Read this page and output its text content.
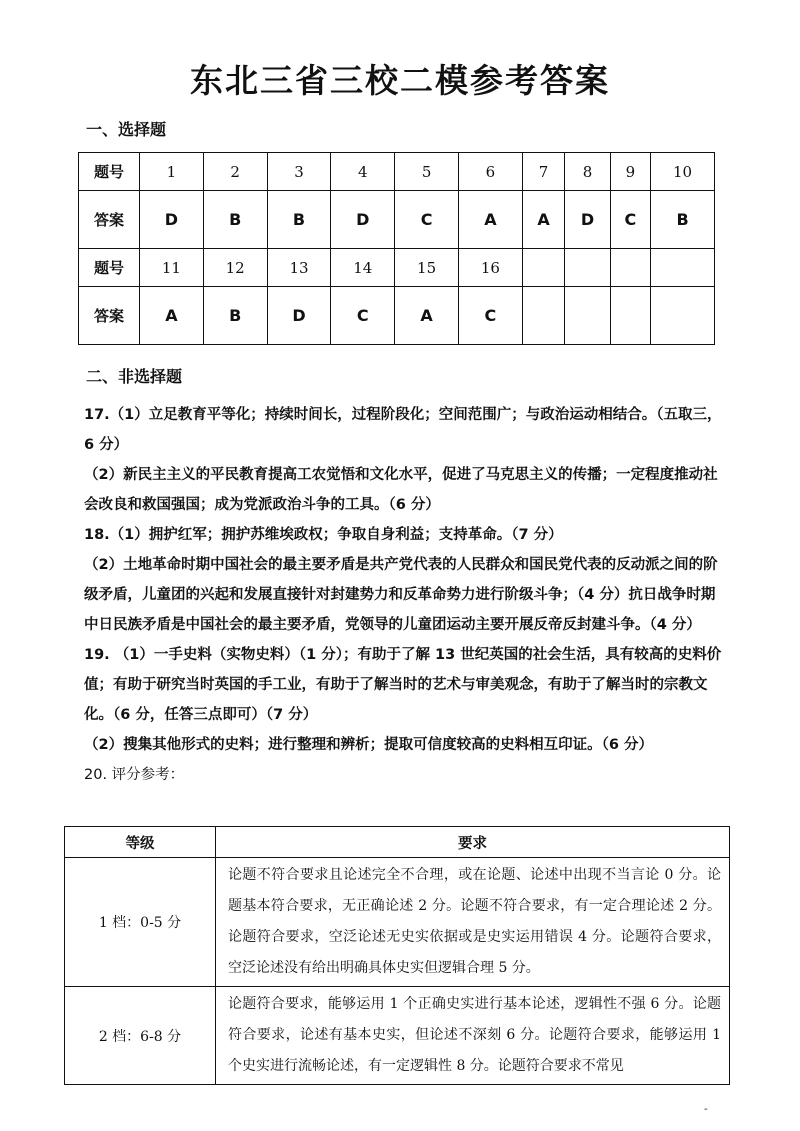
东北三省三校二模参考答案
一、选择题
题号	1	2	3	4	5	6	7	8	9	10
答案	D	B	B	D	C	A	A	D	C	B
题号	11	12	13	14	15	16				
答案	A	B	D	C	A	C				
二、非选择题

17.（1）立足教育平等化；持续时间长，过程阶段化；空间范围广；与政治运动相结合。（五取三，6 分）

（2）新民主主义的平民教育提高工农觉悟和文化水平，促进了马克思主义的传播；一定程度推动社会改良和救国强国；成为党派政治斗争的工具。（6 分）

18.（1）拥护红军；拥护苏维埃政权；争取自身利益；支持革命。（7 分）

（2）土地革命时期中国社会的最主要矛盾是共产党代表的人民群众和国民党代表的反动派之间的阶级矛盾，儿童团的兴起和发展直接针对封建势力和反革命势力进行阶级斗争；（4 分）抗日战争时期中日民族矛盾是中国社会的最主要矛盾，党领导的儿童团运动主要开展反帝反封建斗争。（4 分）

19. （1）一手史料（实物史料）（1 分）；有助于了解 13 世纪英国的社会生活，具有较高的史料价值；有助于研究当时英国的手工业，有助于了解当时的艺术与审美观念，有助于了解当时的宗教文化。（6 分，任答三点即可）（7 分）

（2）搜集其他形式的史料；进行整理和辨析；提取可信度较高的史料相互印证。（6 分）

20. 评分参考：

等级	要求
1 档：0-5 分	论题不符合要求且论述完全不合理，或在论题、论述中出现不当言论 0 分。论题基本符合要求，无正确论述 2 分。论题不符合要求，有一定合理论述 2 分。论题符合要求，空泛论述无史实依据或是史实运用错误 4 分。论题符合要求，空泛论述没有给出明确具体史实但逻辑合理 5 分。
2 档：6-8 分	论题符合要求，能够运用 1 个正确史实进行基本论述，逻辑性不强 6 分。论题符合要求，论述有基本史实，但论述不深刻 6 分。论题符合要求，能够运用 1 个史实进行流畅论述，有一定逻辑性 8 分。论题符合要求不常见
-
